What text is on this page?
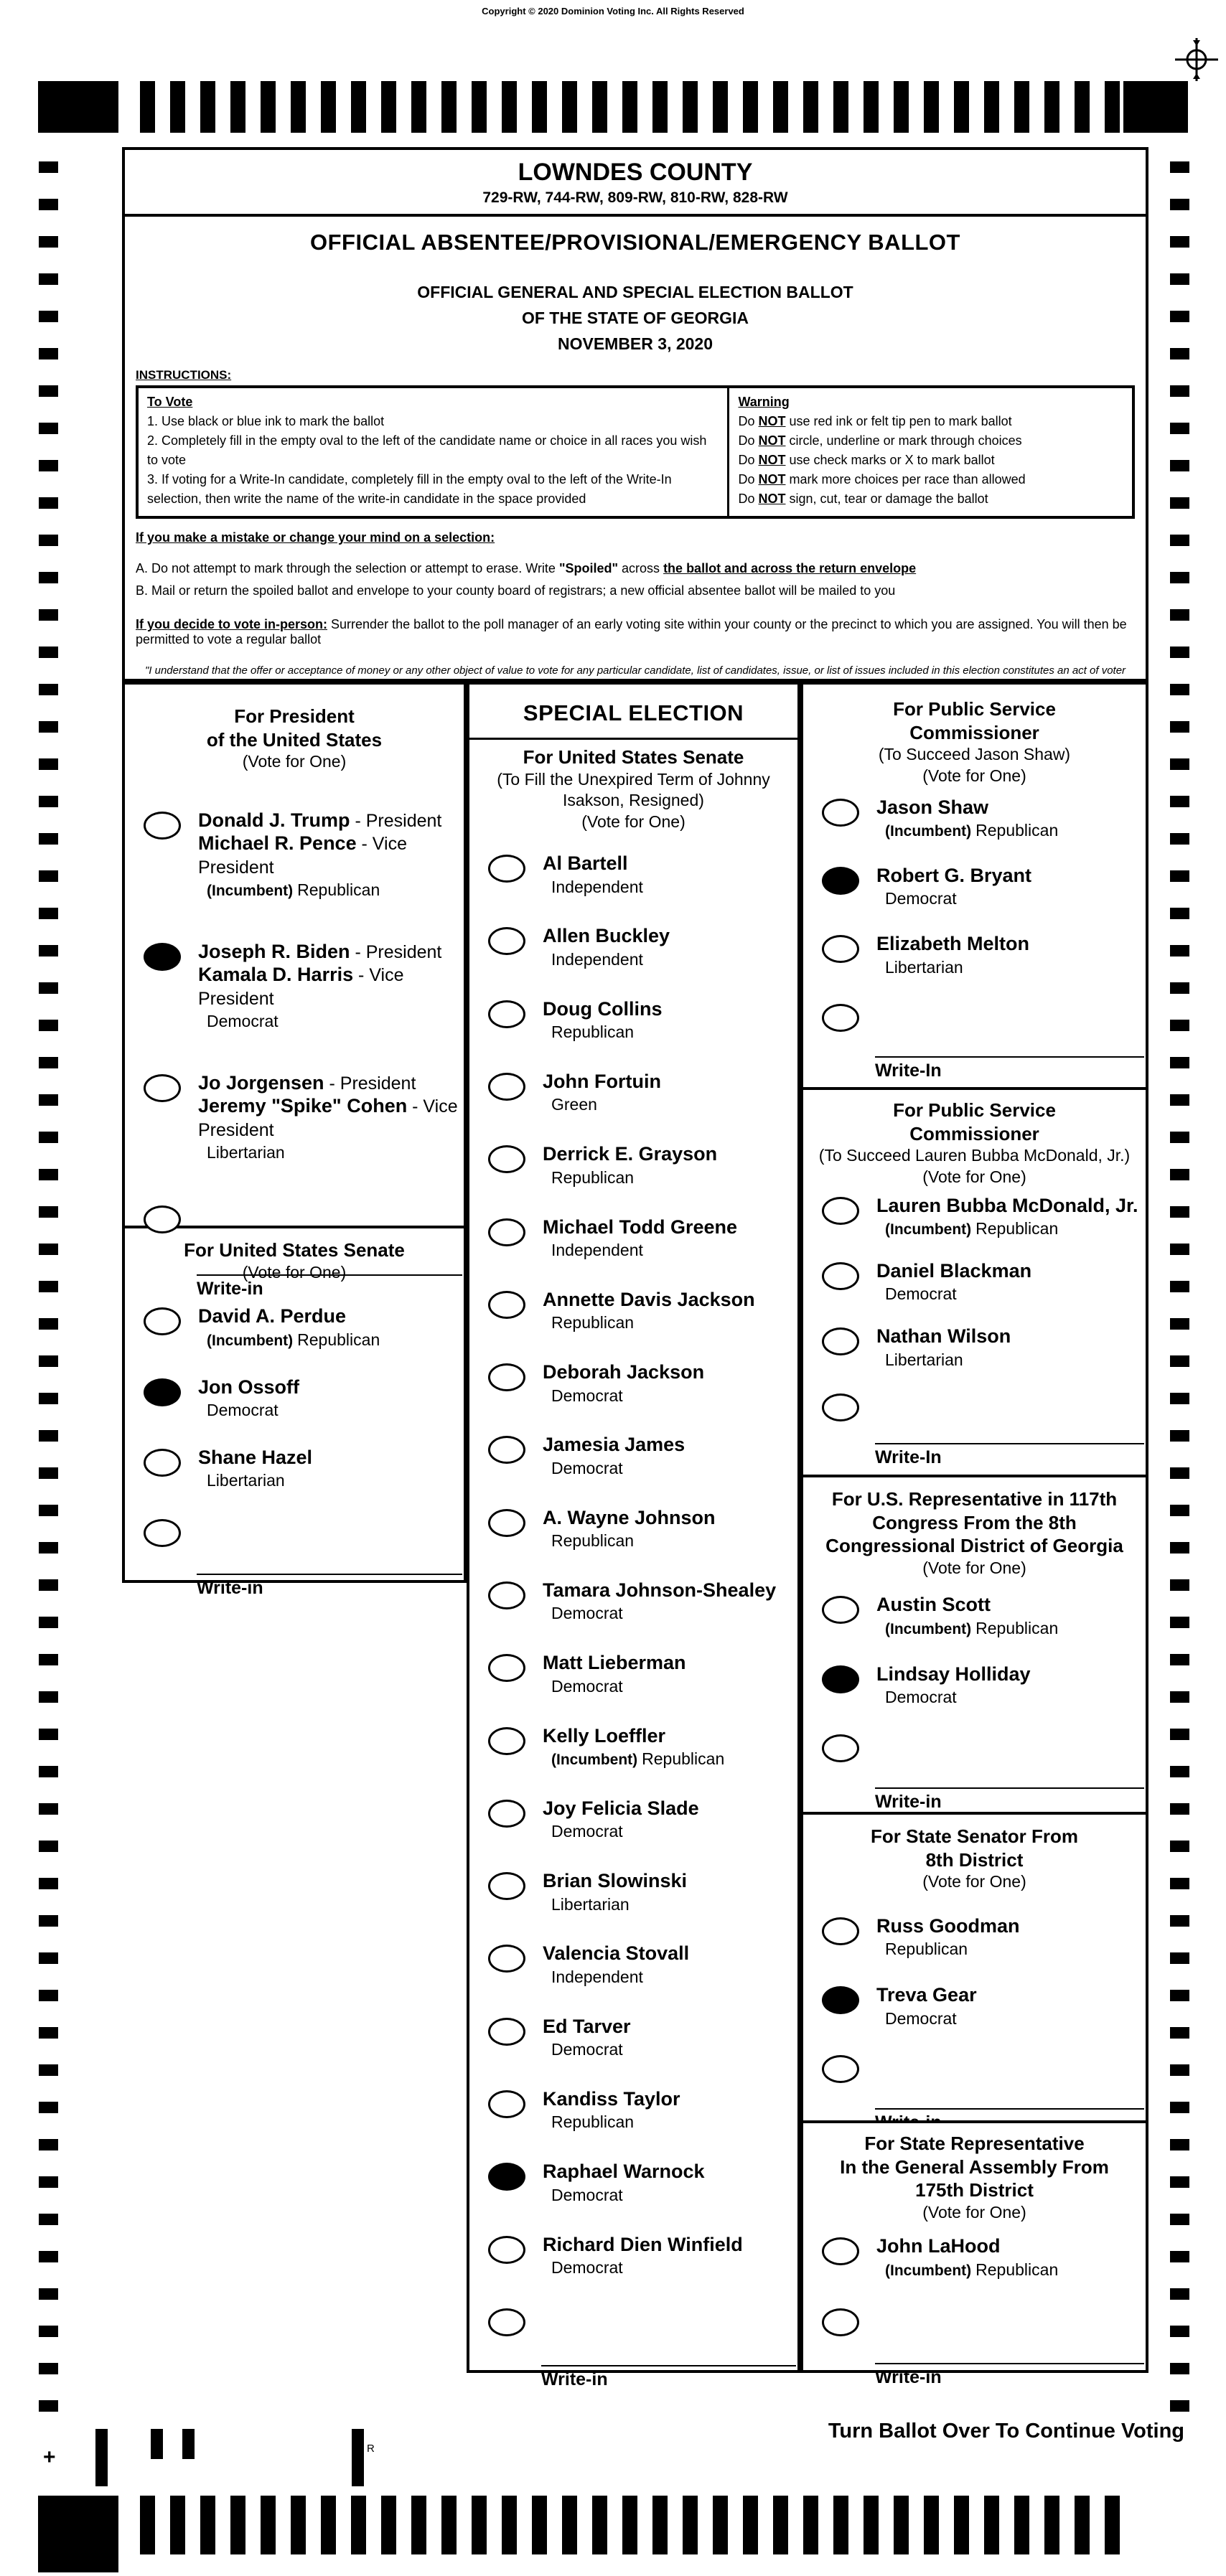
Copyright © 2020 Dominion Voting Inc. All Rights Reserved
LOWNDES COUNTY
729-RW, 744-RW, 809-RW, 810-RW, 828-RW
OFFICIAL ABSENTEE/PROVISIONAL/EMERGENCY BALLOT
OFFICIAL GENERAL AND SPECIAL ELECTION BALLOT
OF THE STATE OF GEORGIA
NOVEMBER 3, 2020
INSTRUCTIONS:
To Vote
1. Use black or blue ink to mark the ballot
2. Completely fill in the empty oval to the left of the candidate name or choice in all races you wish to vote
3. If voting for a Write-In candidate, completely fill in the empty oval to the left of the Write-In selection, then write the name of the write-in candidate in the space provided
Warning
Do NOT use red ink or felt tip pen to mark ballot
Do NOT circle, underline or mark through choices
Do NOT use check marks or X to mark ballot
Do NOT mark more choices per race than allowed
Do NOT sign, cut, tear or damage the ballot
If you make a mistake or change your mind on a selection:
A. Do not attempt to mark through the selection or attempt to erase. Write "Spoiled" across the ballot and across the return envelope
B. Mail or return the spoiled ballot and envelope to your county board of registrars; a new official absentee ballot will be mailed to you
If you decide to vote in-person: Surrender the ballot to the poll manager of an early voting site within your county or the precinct to which you are assigned. You will then be permitted to vote a regular ballot
"I understand that the offer or acceptance of money or any other object of value to vote for any particular candidate, list of candidates, issue, or list of issues included in this election constitutes an act of voter
For President
of the United States
(Vote for One)
Donald J. Trump - President
Michael R. Pence - Vice President
(Incumbent) Republican
Joseph R. Biden - President
Kamala D. Harris - Vice President
Democrat
Jo Jorgensen - President
Jeremy "Spike" Cohen - Vice President
Libertarian
Write-in
For United States Senate
(Vote for One)
David A. Perdue
(Incumbent) Republican
Jon Ossoff
Democrat
Shane Hazel
Libertarian
Write-in
SPECIAL ELECTION
For United States Senate
(To Fill the Unexpired Term of Johnny
Isakson, Resigned)
(Vote for One)
Al Bartell
Independent
Allen Buckley
Independent
Doug Collins
Republican
John Fortuin
Green
Derrick E. Grayson
Republican
Michael Todd Greene
Independent
Annette Davis Jackson
Republican
Deborah Jackson
Democrat
Jamesia James
Democrat
A. Wayne Johnson
Republican
Tamara Johnson-Shealey
Democrat
Matt Lieberman
Democrat
Kelly Loeffler
(Incumbent) Republican
Joy Felicia Slade
Democrat
Brian Slowinski
Libertarian
Valencia Stovall
Independent
Ed Tarver
Democrat
Kandiss Taylor
Republican
Raphael Warnock
Democrat
Richard Dien Winfield
Democrat
Write-in
For Public Service
Commissioner
(To Succeed Jason Shaw)
(Vote for One)
Jason Shaw
(Incumbent) Republican
Robert G. Bryant
Democrat
Elizabeth Melton
Libertarian
Write-In
For Public Service
Commissioner
(To Succeed Lauren Bubba McDonald, Jr.)
(Vote for One)
Lauren Bubba McDonald, Jr.
(Incumbent) Republican
Daniel Blackman
Democrat
Nathan Wilson
Libertarian
Write-In
For U.S. Representative in 117th
Congress From the 8th
Congressional District of Georgia
(Vote for One)
Austin Scott
(Incumbent) Republican
Lindsay Holliday
Democrat
Write-in
For State Senator From
8th District
(Vote for One)
Russ Goodman
Republican
Treva Gear
Democrat
For State Representative
In the General Assembly From
175th District
(Vote for One)
John LaHood
(Incumbent) Republican
Write-in
+	R
Turn Ballot Over To Continue Voting
